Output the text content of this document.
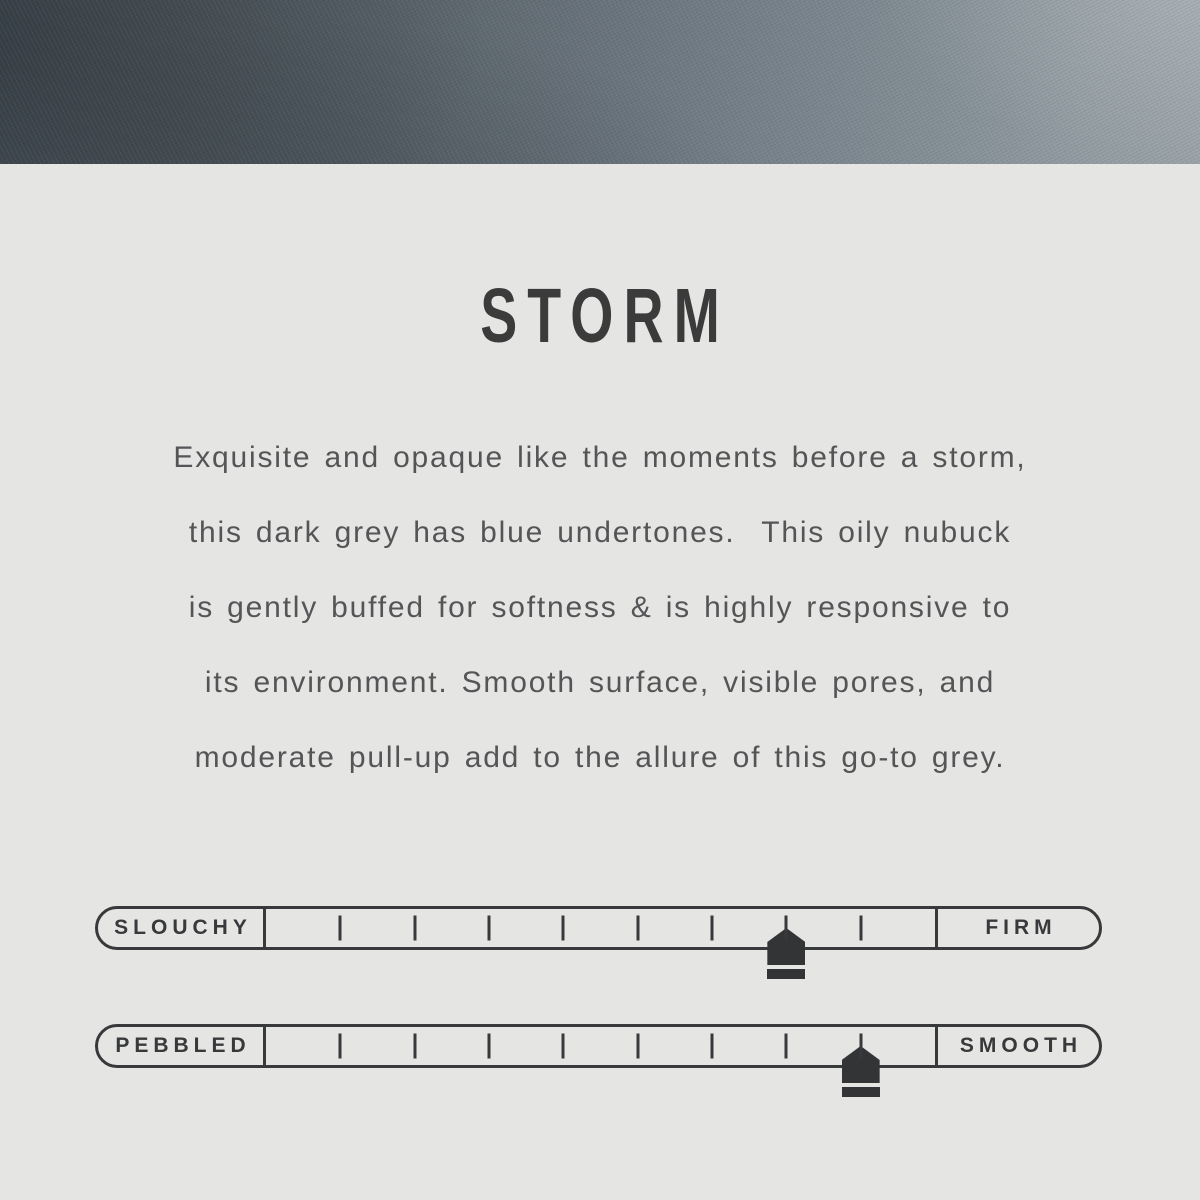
STORM
Exquisite and opaque like the moments before a storm,
this dark grey has blue undertones.  This oily nubuck
is gently buffed for softness & is highly responsive to
its environment. Smooth surface, visible pores, and
moderate pull-up add to the allure of this go-to grey.
SLOUCHY	FIRM
PEBBLED	SMOOTH
